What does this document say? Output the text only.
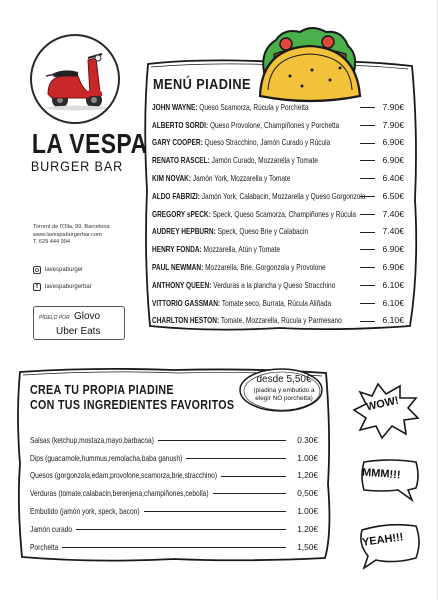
LA VESPA
BURGER BAR
Torrent de l'Olla, 99, Barcelona
www.lavespaburgerbar.com
T. 629 444 994
lavespaburger
f	lavespaburgerbar
PÍDELO POR Glovo
Uber Eats
MENÚ PIADINE
JOHN WAYNE: Queso Scamorza, Rúcula y Porchetta	7.90€
ALBERTO SORDI: Queso Provolone, Champiñones y Porchetta	7.90€
GARY COOPER: Queso Stracchino, Jamón Curado y Rúcula	6.90€
RENATO RASCEL: Jamón Curado, Mozzarella y Tomate	6.90€
KIM NOVAK: Jamón York, Mozzarella y Tomate	6.40€
ALDO FABRIZI: Jamón York, Calabacin, Mozzarella y Queso Gorgonzola	6.50€
GREGORY sPECK: Speck, Queso Scamorza, Champiñones y Rúcula	7.40€
AUDREY HEPBURN: Speck, Queso Brie y Calabacin	7.40€
HENRY FONDA: Mozzarella, Atún y Tomate	6.90€
PAUL NEWMAN: Mozzarella, Brie, Gorgonzola y Provolone	6.90€
ANTHONY QUEEN: Verduras a la plancha y Queso Stracchino	6.10€
VITTORIO GASSMAN: Tomate seco, Burrata, Rúcula Aliñada	6.10€
CHARLTON HESTON: Tomate, Mozzarella, Rúcula y Parmesano	6.10€
CREA TU PROPIA PIADINE
CON TUS INGREDIENTES FAVORITOS
desde 5,50€
(piadina y embutido a
elegir NO porchetta)
Salsas (ketchup,mostaza,mayo,barbacoa)	0.30€
Dips (guacamole,hummus,remolacha,baba ganush)	1.00€
Quesos (gorgonzola,edam,provolone,scamorza,brie,stracchino)	1,20€
Verduras (tomate,calabacin,berenjena,champiñones,cebolla)	0,50€
Embutido (jamón york, speck, bacon)	1.00€
Jamón curado	1.20€
Porchetta	1,50€
WOW!
MMM!!!
YEAH!!!
